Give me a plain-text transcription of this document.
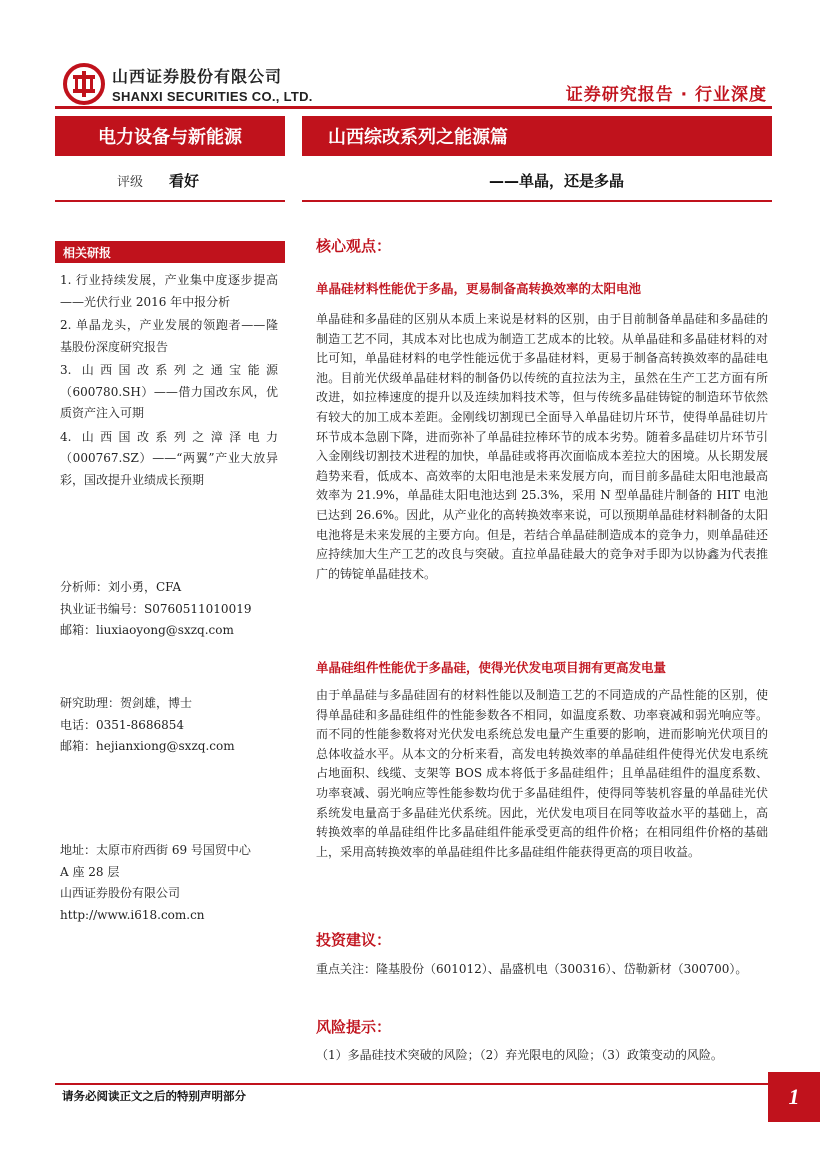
山西证券股份有限公司
SHANXI SECURITIES CO., LTD.	证券研究报告 · 行业深度
电力设备与新能源	山西综改系列之能源篇
评级 看好	——单晶，还是多晶
相关研报
1. 行业持续发展，产业集中度逐步提高——光伏行业 2016 年中报分析
2. 单晶龙头，产业发展的领跑者——隆基股份深度研究报告
3. 山西国改系列之通宝能源（600780.SH）——借力国改东风，优质资产注入可期
4. 山西国改系列之漳泽电力（000767.SZ）——“两翼”产业大放异彩，国改提升业绩成长预期
分析师：刘小勇，CFA
执业证书编号：S0760511010019
邮箱：liuxiaoyong@sxzq.com
研究助理：贺剑雄，博士
电话：0351-8686854
邮箱：hejianxiong@sxzq.com
地址：太原市府西街 69 号国贸中心
A 座 28 层
山西证券股份有限公司
http://www.i618.com.cn
核心观点：
单晶硅材料性能优于多晶，更易制备高转换效率的太阳电池
单晶硅和多晶硅的区别从本质上来说是材料的区别，由于目前制备单晶硅和多晶硅的制造工艺不同，其成本对比也成为制造工艺成本的比较。从单晶硅和多晶硅材料的对比可知，单晶硅材料的电学性能远优于多晶硅材料，更易于制备高转换效率的晶硅电池。目前光伏级单晶硅材料的制备仍以传统的直拉法为主，虽然在生产工艺方面有所改进，如拉棒速度的提升以及连续加料技术等，但与传统多晶硅铸锭的制造环节依然有较大的加工成本差距。金刚线切割现已全面导入单晶硅切片环节，使得单晶硅切片环节成本急剧下降，进而弥补了单晶硅拉棒环节的成本劣势。随着多晶硅切片环节引入金刚线切割技术进程的加快，单晶硅或将再次面临成本差拉大的困境。从长期发展趋势来看，低成本、高效率的太阳电池是未来发展方向，而目前多晶硅太阳电池最高效率为 21.9%，单晶硅太阳电池达到 25.3%，采用 N 型单晶硅片制备的 HIT 电池已达到 26.6%。因此，从产业化的高转换效率来说，可以预期单晶硅材料制备的太阳电池将是未来发展的主要方向。但是，若结合单晶硅制造成本的竞争力，则单晶硅还应持续加大生产工艺的改良与突破。直拉单晶硅最大的竞争对手即为以协鑫为代表推广的铸锭单晶硅技术。
单晶硅组件性能优于多晶硅，使得光伏发电项目拥有更高发电量
由于单晶硅与多晶硅固有的材料性能以及制造工艺的不同造成的产品性能的区别，使得单晶硅和多晶硅组件的性能参数各不相同，如温度系数、功率衰减和弱光响应等。而不同的性能参数将对光伏发电系统总发电量产生重要的影响，进而影响光伏项目的总体收益水平。从本文的分析来看，高发电转换效率的单晶硅组件使得光伏发电系统占地面积、线缆、支架等 BOS 成本将低于多晶硅组件；且单晶硅组件的温度系数、功率衰减、弱光响应等性能参数均优于多晶硅组件，使得同等装机容量的单晶硅光伏系统发电量高于多晶硅光伏系统。因此，光伏发电项目在同等收益水平的基础上，高转换效率的单晶硅组件比多晶硅组件能承受更高的组件价格；在相同组件价格的基础上，采用高转换效率的单晶硅组件比多晶硅组件能获得更高的项目收益。
投资建议：
重点关注：隆基股份（601012）、晶盛机电（300316）、岱勒新材（300700）。
风险提示：
（1）多晶硅技术突破的风险；（2）弃光限电的风险；（3）政策变动的风险。
请务必阅读正文之后的特别声明部分	1
